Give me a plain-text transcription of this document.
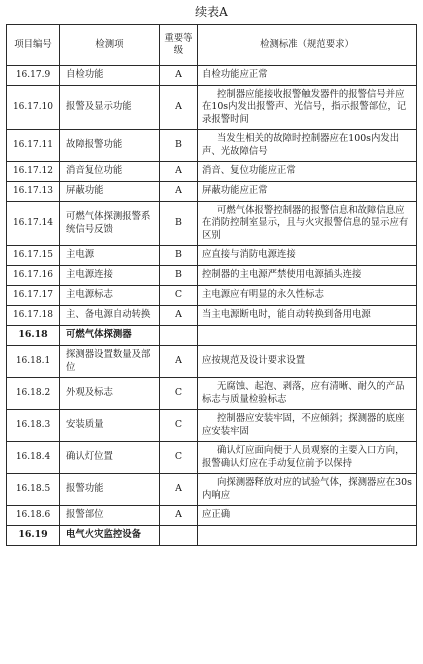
续表A
项目编号	检测项	重要等级	检测标准（规范要求）
16.17.9	自检功能	A	自检功能应正常
16.17.10	报警及显示功能	A	控制器应能接收报警触发器件的报警信号并应在10s内发出报警声、光信号，指示报警部位，记录报警时间
16.17.11	故障报警功能	B	当发生相关的故障时控制器应在100s内发出声、光故障信号
16.17.12	消音复位功能	A	消音、复位功能应正常
16.17.13	屏蔽功能	A	屏蔽功能应正常
16.17.14	可燃气体探测报警系统信号反馈	B	可燃气体报警控制器的报警信息和故障信息应在消防控制室显示，且与火灾报警信息的显示应有区别
16.17.15	主电源	B	应直接与消防电源连接
16.17.16	主电源连接	B	控制器的主电源严禁使用电源插头连接
16.17.17	主电源标志	C	主电源应有明显的永久性标志
16.17.18	主、备电源自动转换	A	当主电源断电时，能自动转换到备用电源
16.18	可燃气体探测器		
16.18.1	探测器设置数量及部位	A	应按规范及设计要求设置
16.18.2	外观及标志	C	无腐蚀、起泡、剥落，应有清晰、耐久的产品标志与质量检验标志
16.18.3	安装质量	C	控制器应安装牢固，不应倾斜；探测器的底座应安装牢固
16.18.4	确认灯位置	C	确认灯应面向便于人员观察的主要入口方向，报警确认灯应在手动复位前予以保持
16.18.5	报警功能	A	向探测器释放对应的试验气体，探测器应在30s内响应
16.18.6	报警部位	A	应正确
16.19	电气火灾监控设备		
